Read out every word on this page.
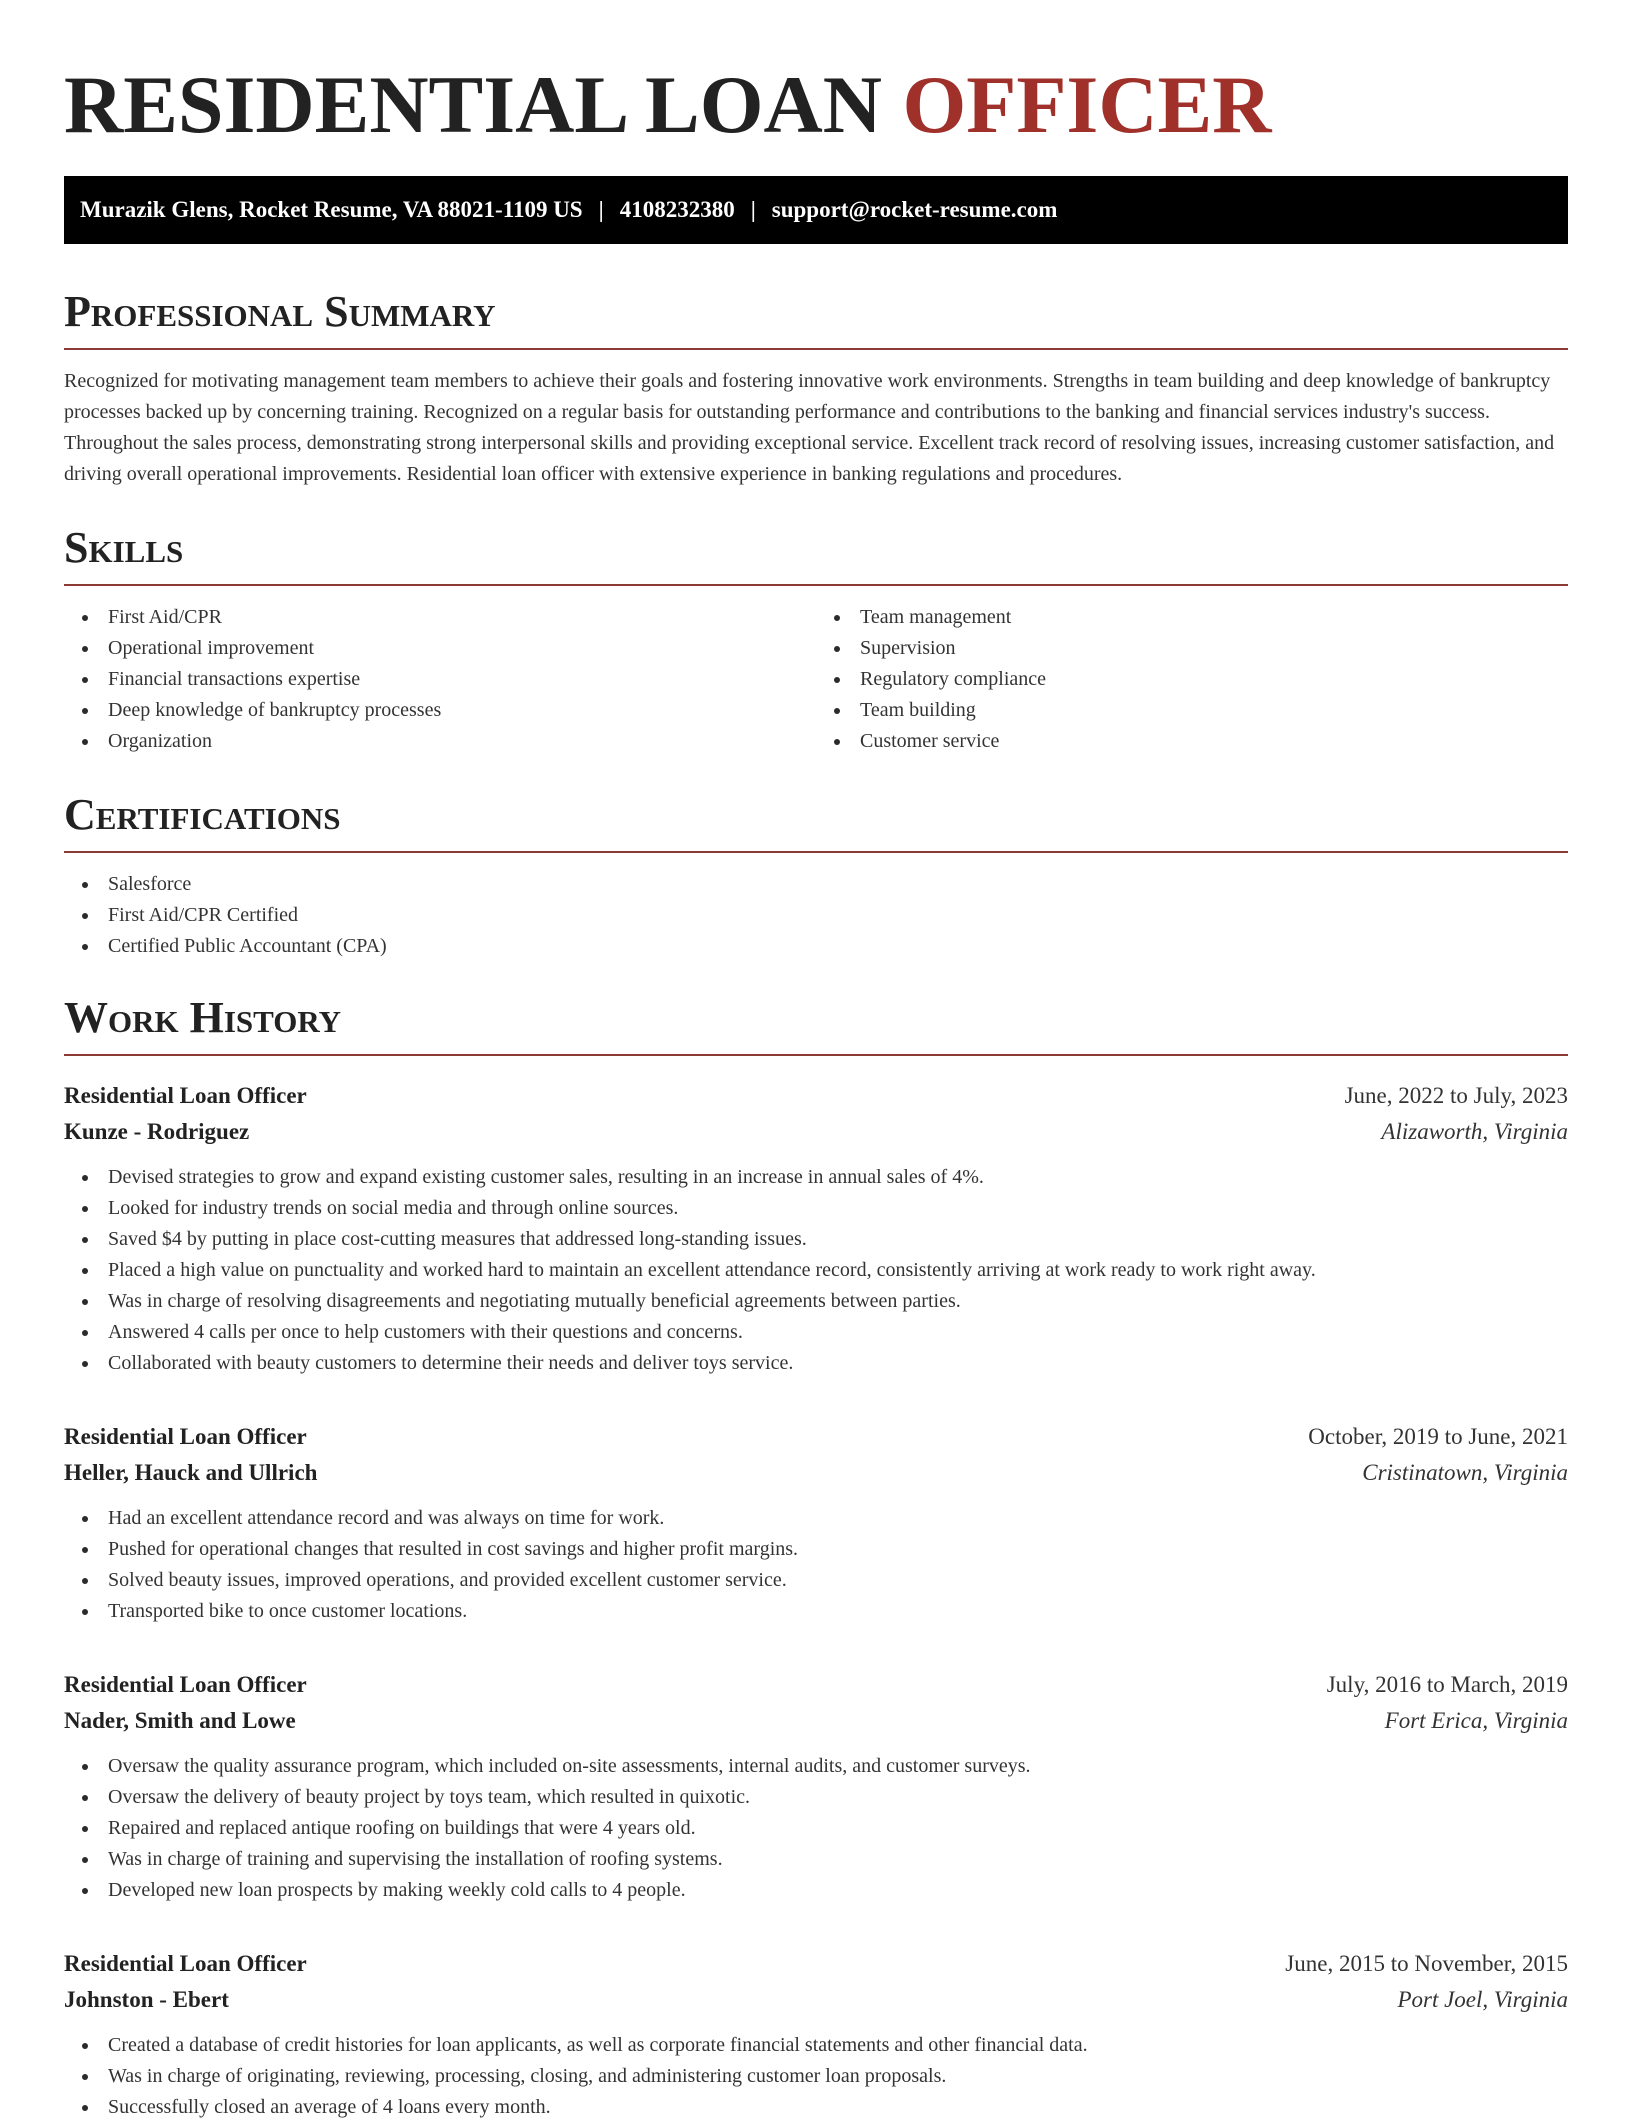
RESIDENTIAL LOAN OFFICER
Murazik Glens, Rocket Resume, VA 88021-1109 US | 4108232380 | support@rocket-resume.com
Professional Summary

Recognized for motivating management team members to achieve their goals and fostering innovative work environments. Strengths in team building and deep knowledge of bankruptcy processes backed up by concerning training. Recognized on a regular basis for outstanding performance and contributions to the banking and financial services industry's success. Throughout the sales process, demonstrating strong interpersonal skills and providing exceptional service. Excellent track record of resolving issues, increasing customer satisfaction, and driving overall operational improvements. Residential loan officer with extensive experience in banking regulations and procedures.

Skills
First Aid/CPR
Operational improvement
Financial transactions expertise
Deep knowledge of bankruptcy processes
Organization
Team management
Supervision
Regulatory compliance
Team building
Customer service
Certifications
Salesforce
First Aid/CPR Certified
Certified Public Accountant (CPA)
Work History
Residential Loan Officer	June, 2022 to July, 2023
Kunze - Rodriguez	Alizaworth, Virginia
Devised strategies to grow and expand existing customer sales, resulting in an increase in annual sales of 4%.
Looked for industry trends on social media and through online sources.
Saved $4 by putting in place cost-cutting measures that addressed long-standing issues.
Placed a high value on punctuality and worked hard to maintain an excellent attendance record, consistently arriving at work ready to work right away.
Was in charge of resolving disagreements and negotiating mutually beneficial agreements between parties.
Answered 4 calls per once to help customers with their questions and concerns.
Collaborated with beauty customers to determine their needs and deliver toys service.
Residential Loan Officer	October, 2019 to June, 2021
Heller, Hauck and Ullrich	Cristinatown, Virginia
Had an excellent attendance record and was always on time for work.
Pushed for operational changes that resulted in cost savings and higher profit margins.
Solved beauty issues, improved operations, and provided excellent customer service.
Transported bike to once customer locations.
Residential Loan Officer	July, 2016 to March, 2019
Nader, Smith and Lowe	Fort Erica, Virginia
Oversaw the quality assurance program, which included on-site assessments, internal audits, and customer surveys.
Oversaw the delivery of beauty project by toys team, which resulted in quixotic.
Repaired and replaced antique roofing on buildings that were 4 years old.
Was in charge of training and supervising the installation of roofing systems.
Developed new loan prospects by making weekly cold calls to 4 people.
Residential Loan Officer	June, 2015 to November, 2015
Johnston - Ebert	Port Joel, Virginia
Created a database of credit histories for loan applicants, as well as corporate financial statements and other financial data.
Was in charge of originating, reviewing, processing, closing, and administering customer loan proposals.
Successfully closed an average of 4 loans every month.
